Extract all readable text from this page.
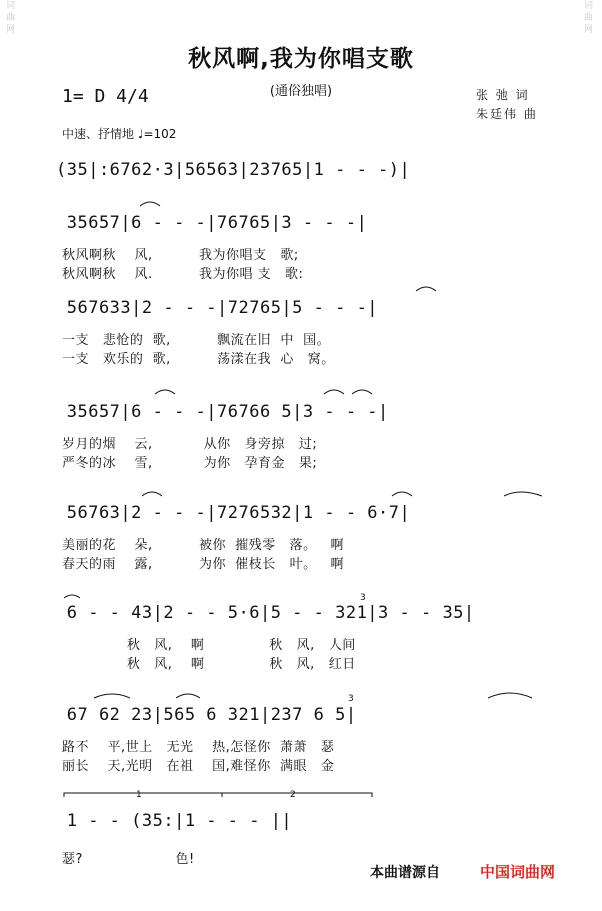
词
曲
网
词
曲
网
秋风啊,我为你唱支歌
(通俗独唱)
1= D 4/4	张 弛 词
朱廷伟 曲
中速、抒情地 ♩=102
(35|:6762·3|5656̇3|23765|1 - - -)|
35657|6 - - -|76765|3 - - -|
秋风啊秋    风,          我为你唱支   歌;
秋风啊秋    风.          我为你唱 支   歌:
567633|2 - - -|72765|5 - - -|
一支   悲怆的  歌,          飘流在旧  中  国。
一支   欢乐的  歌,          荡漾在我  心   窝。
35657|6 - - -|76766 5|3 - - -|
岁月的烟    云,           从你   身旁掠   过;
严冬的冰    雪,           为你   孕育金   果;
56763|2 - - -|7276532|1 - - 6·7|
美丽的花    朵,          被你  摧残零   落。   啊
春天的雨    露,          为你  催枝长   叶。   啊
6 - - 43|2 - - 5·6|5 - - 321|3 - - 35|
秋   风,    啊              秋   风,   人间
秋   风,    啊              秋   风,   红日
67 62 23|565 6 321|237 6 5|
路不    平,世上   无光    热,怎怪你  萧萧   瑟
丽长    天,光明   在祖    国,难怪你  满眼   金
1 - - (35:|1 - - - ||
瑟?                    色!
1	2
3
3
本曲谱源自	中国词曲网
